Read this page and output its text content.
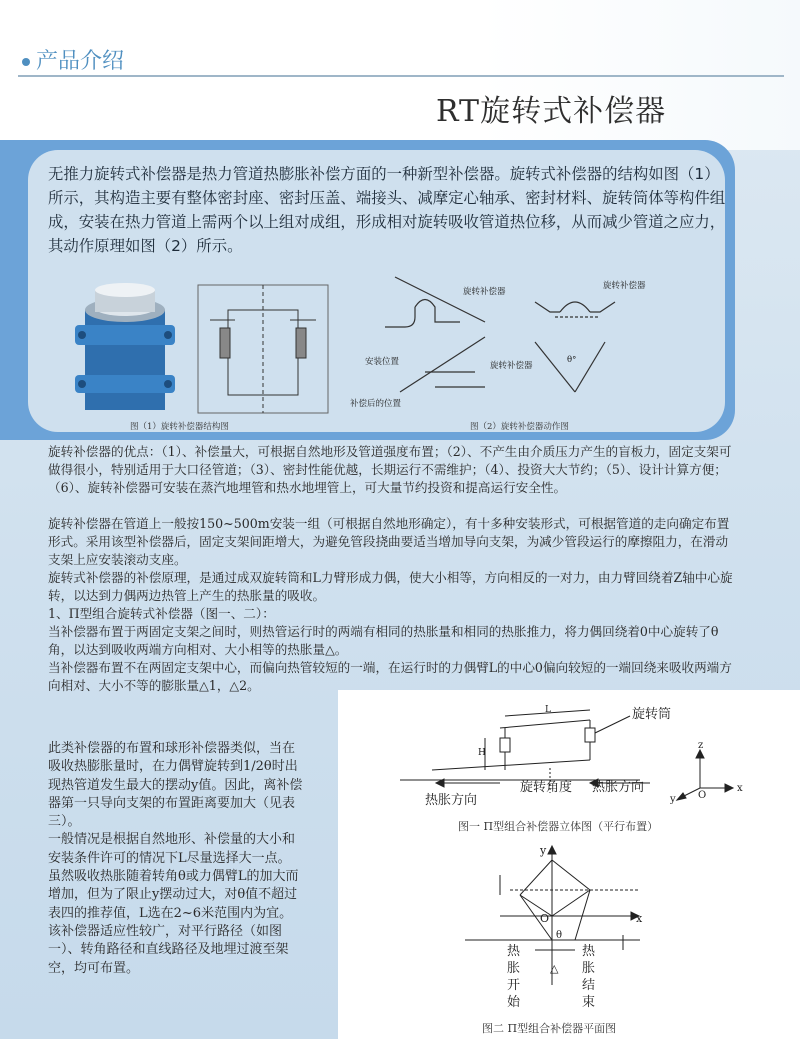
产品介绍
RT旋转式补偿器
无推力旋转式补偿器是热力管道热膨胀补偿方面的一种新型补偿器。旋转式补偿器的结构如图（1）所示，其构造主要有整体密封座、密封压盖、端接头、减摩定心轴承、密封材料、旋转筒体等构件组成，安装在热力管道上需两个以上组对成组，形成相对旋转吸收管道热位移，从而减少管道之应力，其动作原理如图（2）所示。
图（1）旋转补偿器结构图
旋转补偿器
旋转补偿器
安装位置	旋转补偿器
补偿后的位置
θ°
图（2）旋转补偿器动作图
旋转补偿器的优点：（1）、补偿量大，可根据自然地形及管道强度布置；（2）、不产生由介质压力产生的盲板力，固定支架可做得很小，特别适用于大口径管道；（3）、密封性能优越，长期运行不需维护；（4）、投资大大节约；（5）、设计计算方便；（6）、旋转补偿器可安装在蒸汽地埋管和热水地埋管上，可大量节约投资和提高运行安全性。
旋转补偿器在管道上一般按150~500m安装一组（可根据自然地形确定），有十多种安装形式，可根据管道的走向确定布置形式。采用该型补偿器后，固定支架间距增大，为避免管段挠曲要适当增加导向支架，为减少管段运行的摩擦阻力，在滑动支架上应安装滚动支座。
旋转式补偿器的补偿原理，是通过成双旋转筒和L力臂形成力偶，使大小相等，方向相反的一对力，由力臂回绕着Z轴中心旋转，以达到力偶两边热管上产生的热胀量的吸收。
1、Π型组合旋转式补偿器（图一、二）：
当补偿器布置于两固定支架之间时，则热管运行时的两端有相同的热胀量和相同的热胀推力，将力偶回绕着0中心旋转了θ角，以达到吸收两端方向相对、大小相等的热胀量△。
当补偿器布置不在两固定支架中心，而偏向热管较短的一端，在运行时的力偶臂L的中心0偏向较短的一端回绕来吸收两端方向相对、大小不等的膨胀量△1，△2。
旋转筒
L
H
热胀方向
旋转角度 热胀方向
z
O
x
y
图一 Π型组合补偿器立体图（平行布置）
y
x
O
θ
△
热胀开始
热胀结束
图二 Π型组合补偿器平面图
此类补偿器的布置和球形补偿器类似，当在吸收热膨胀量时，在力偶臂旋转到1/2θ时出现热管道发生最大的摆动y值。因此，离补偿器第一只导向支架的布置距离要加大（见表三）。
一般情况是根据自然地形、补偿量的大小和安装条件许可的情况下L尽量选择大一点。
虽然吸收热胀随着转角θ或力偶臂L的加大而增加，但为了限止y摆动过大，对θ值不超过表四的推荐值，L选在2~6米范围内为宜。
该补偿器适应性较广，对平行路径（如图一）、转角路径和直线路径及地埋过渡至架空，均可布置。
